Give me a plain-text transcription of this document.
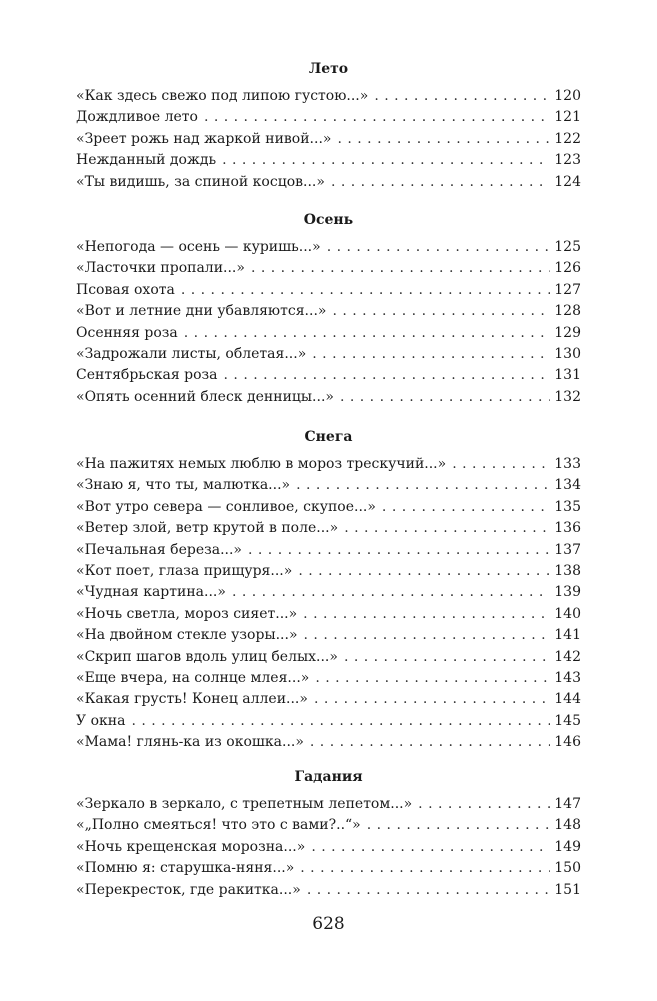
628
Лето
«Как здесь свежо под липою густою...» . . .	120
Дождливое лето . . .	121
«Зреет рожь над жаркой нивой...» . . .	122
Нежданный дождь . . .	123
«Ты видишь, за спиной косцов...» . . .	124
Осень
«Непогода — осень — куришь...» . . .	125
«Ласточки пропали...» . . .	126
Псовая охота . . .	127
«Вот и летние дни убавляются...» . . .	128
Осенняя роза . . .	129
«Задрожали листы, облетая...» . . .	130
Сентябрьская роза . . .	131
«Опять осенний блеск денницы...» . . .	132
Снега
«На пажитях немых люблю в мороз трескучий...» . . .	133
«Знаю я, что ты, малютка...» . . .	134
«Вот утро севера — сонливое, скупое...» . . .	135
«Ветер злой, ветр крутой в поле...» . . .	136
«Печальная береза...» . . .	137
«Кот поет, глаза прищуря...» . . .	138
«Чудная картина...» . . .	139
«Ночь светла, мороз сияет...» . . .	140
«На двойном стекле узоры...» . . .	141
«Скрип шагов вдоль улиц белых...» . . .	142
«Еще вчера, на солнце млея...» . . .	143
«Какая грусть! Конец аллеи...» . . .	144
У окна . . .	145
«Мама! глянь-ка из окошка...» . . .	146
Гадания
«Зеркало в зеркало, с трепетным лепетом...» . . .	147
«„Полно смеяться! что это с вами?..“» . . .	148
«Ночь крещенская морозна...» . . .	149
«Помню я: старушка-няня...» . . .	150
«Перекресток, где ракитка...» . . .	151
